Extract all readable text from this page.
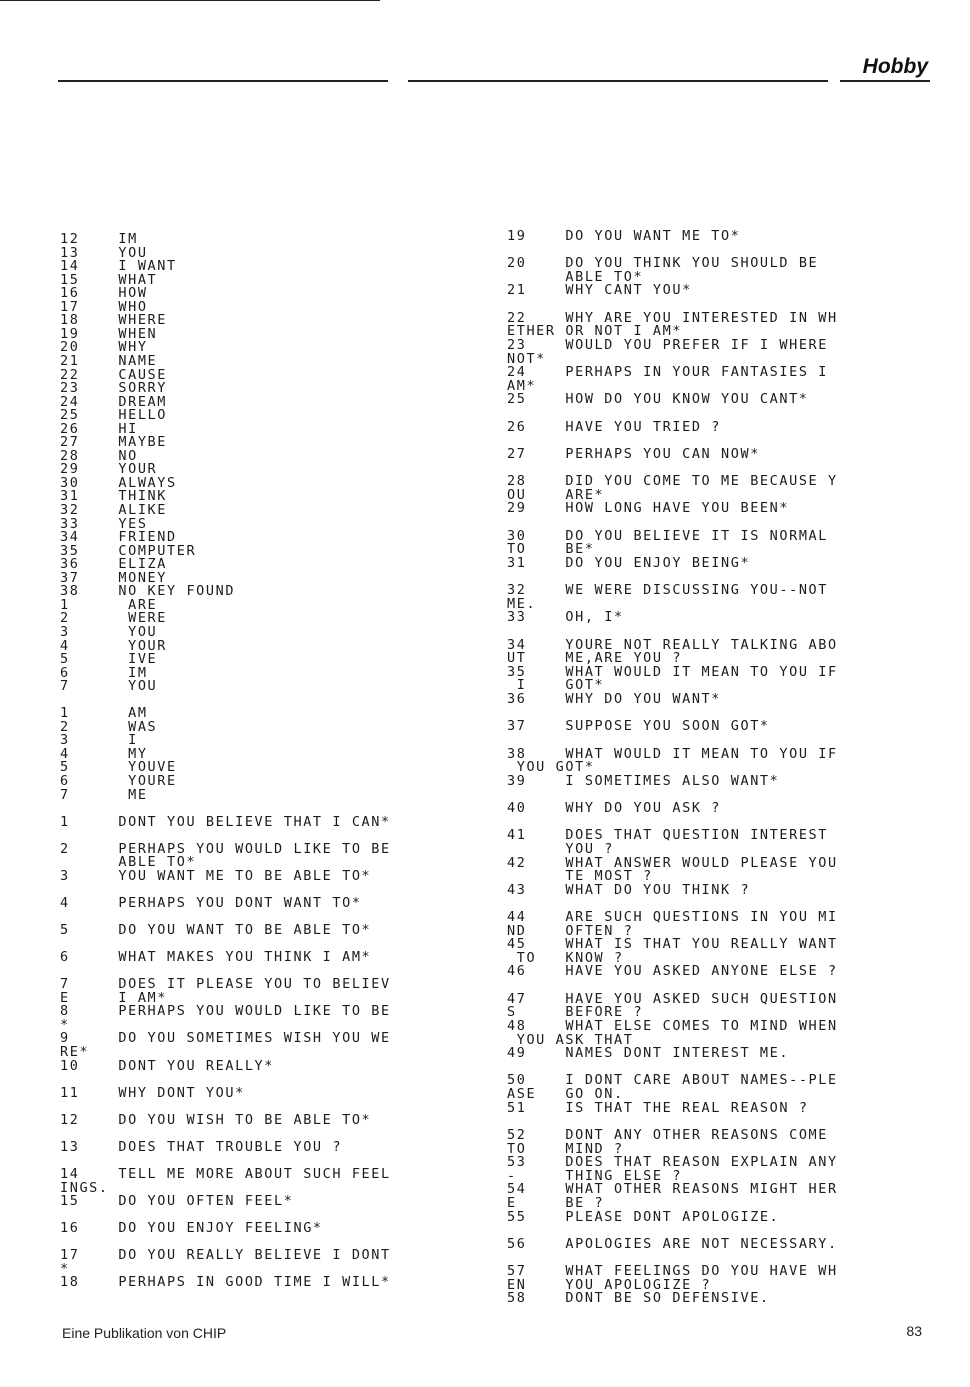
Hobby
12    IM
13    YOU
14    I WANT
15    WHAT
16    HOW
17    WHO
18    WHERE
19    WHEN
20    WHY
21    NAME
22    CAUSE
23    SORRY
24    DREAM
25    HELLO
26    HI
27    MAYBE
28    NO
29    YOUR
30    ALWAYS
31    THINK
32    ALIKE
33    YES
34    FRIEND
35    COMPUTER
36    ELIZA
37    MONEY
38    NO KEY FOUND
1      ARE
2      WERE
3      YOU
4      YOUR
5      IVE
6      IM
7      YOU
1      AM
2      WAS
3      I
4      MY
5      YOUVE
6      YOURE
7      ME
1     DONT YOU BELIEVE THAT I CAN*
2     PERHAPS YOU WOULD LIKE TO BE
ABLE TO*
3     YOU WANT ME TO BE ABLE TO*
4     PERHAPS YOU DONT WANT TO*
5     DO YOU WANT TO BE ABLE TO*
6     WHAT MAKES YOU THINK I AM*
7     DOES IT PLEASE YOU TO BELIEV
E     I AM*
8     PERHAPS YOU WOULD LIKE TO BE
*
9     DO YOU SOMETIMES WISH YOU WE
RE*
10    DONT YOU REALLY*
11    WHY DONT YOU*
12    DO YOU WISH TO BE ABLE TO*
13    DOES THAT TROUBLE YOU ?
14    TELL ME MORE ABOUT SUCH FEEL
INGS.
15    DO YOU OFTEN FEEL*
16    DO YOU ENJOY FEELING*
17    DO YOU REALLY BELIEVE I DONT
*
18    PERHAPS IN GOOD TIME I WILL*
19    DO YOU WANT ME TO*
20    DO YOU THINK YOU SHOULD BE
ABLE TO*
21    WHY CANT YOU*
22    WHY ARE YOU INTERESTED IN WH
ETHER OR NOT I AM*
23    WOULD YOU PREFER IF I WHERE
NOT*
24    PERHAPS IN YOUR FANTASIES I
AM*
25    HOW DO YOU KNOW YOU CANT*
26    HAVE YOU TRIED ?
27    PERHAPS YOU CAN NOW*
28    DID YOU COME TO ME BECAUSE Y
OU    ARE*
29    HOW LONG HAVE YOU BEEN*
30    DO YOU BELIEVE IT IS NORMAL
TO    BE*
31    DO YOU ENJOY BEING*
32    WE WERE DISCUSSING YOU--NOT
ME.
33    OH, I*
34    YOURE NOT REALLY TALKING ABO
UT    ME,ARE YOU ?
35    WHAT WOULD IT MEAN TO YOU IF
I    GOT*
36    WHY DO YOU WANT*
37    SUPPOSE YOU SOON GOT*
38    WHAT WOULD IT MEAN TO YOU IF
YOU GOT*
39    I SOMETIMES ALSO WANT*
40    WHY DO YOU ASK ?
41    DOES THAT QUESTION INTEREST
YOU ?
42    WHAT ANSWER WOULD PLEASE YOU
TE MOST ?
43    WHAT DO YOU THINK ?
44    ARE SUCH QUESTIONS IN YOU MI
ND    OFTEN ?
45    WHAT IS THAT YOU REALLY WANT
TO   KNOW ?
46    HAVE YOU ASKED ANYONE ELSE ?
47    HAVE YOU ASKED SUCH QUESTION
S     BEFORE ?
48    WHAT ELSE COMES TO MIND WHEN
YOU ASK THAT
49    NAMES DONT INTEREST ME.
50    I DONT CARE ABOUT NAMES--PLE
ASE   GO ON.
51    IS THAT THE REAL REASON ?
52    DONT ANY OTHER REASONS COME
TO    MIND ?
53    DOES THAT REASON EXPLAIN ANY
-     THING ELSE ?
54    WHAT OTHER REASONS MIGHT HER
E     BE ?
55    PLEASE DONT APOLOGIZE.
56    APOLOGIES ARE NOT NECESSARY.
57    WHAT FEELINGS DO YOU HAVE WH
EN    YOU APOLOGIZE ?
58    DONT BE SO DEFENSIVE.
Eine Publikation von CHIP	83
